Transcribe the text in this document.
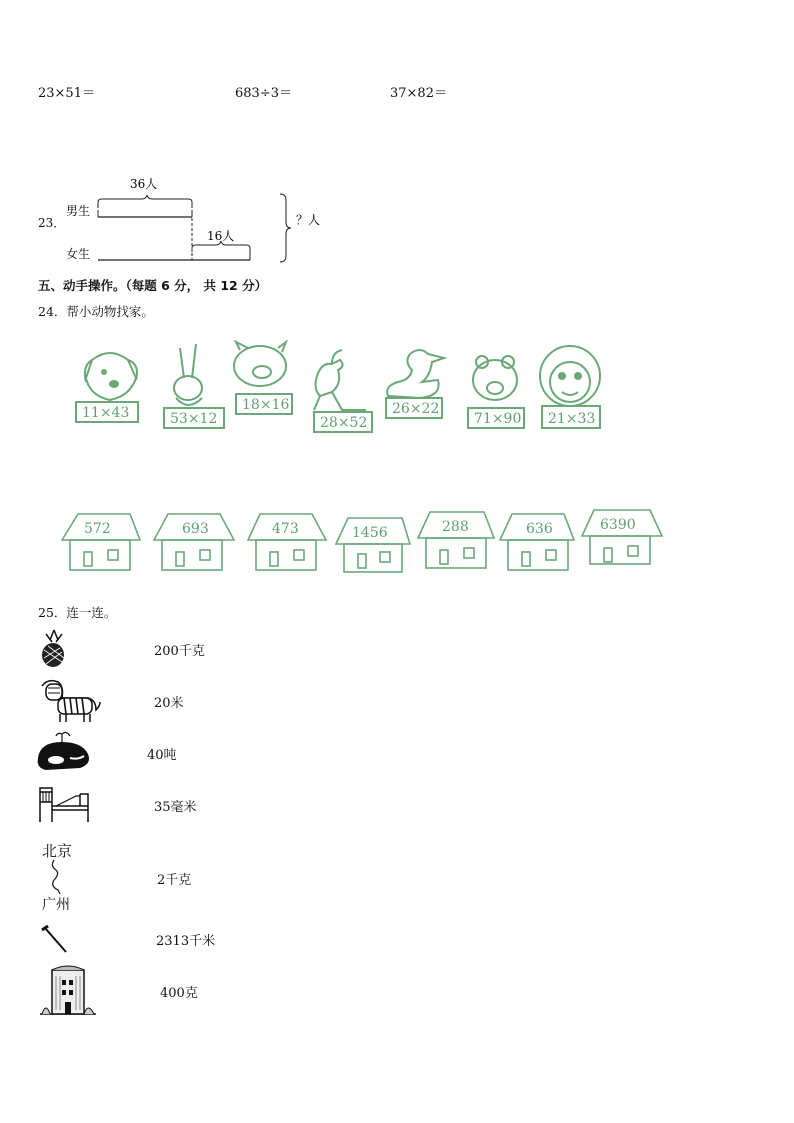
23×51＝	683÷3＝	37×82＝
23．
36人
男生
女生
16人
？人
五、动手操作。（每题 6 分， 共 12 分）
24．帮小动物找家。
11×43	53×12
18×16
28×52
26×22
71×90 21×33
572	693	473	1456	288	636	6390
25．连一连。
200千克
20米
40吨
35毫米
北京
广州
2千克
2313千米
400克
